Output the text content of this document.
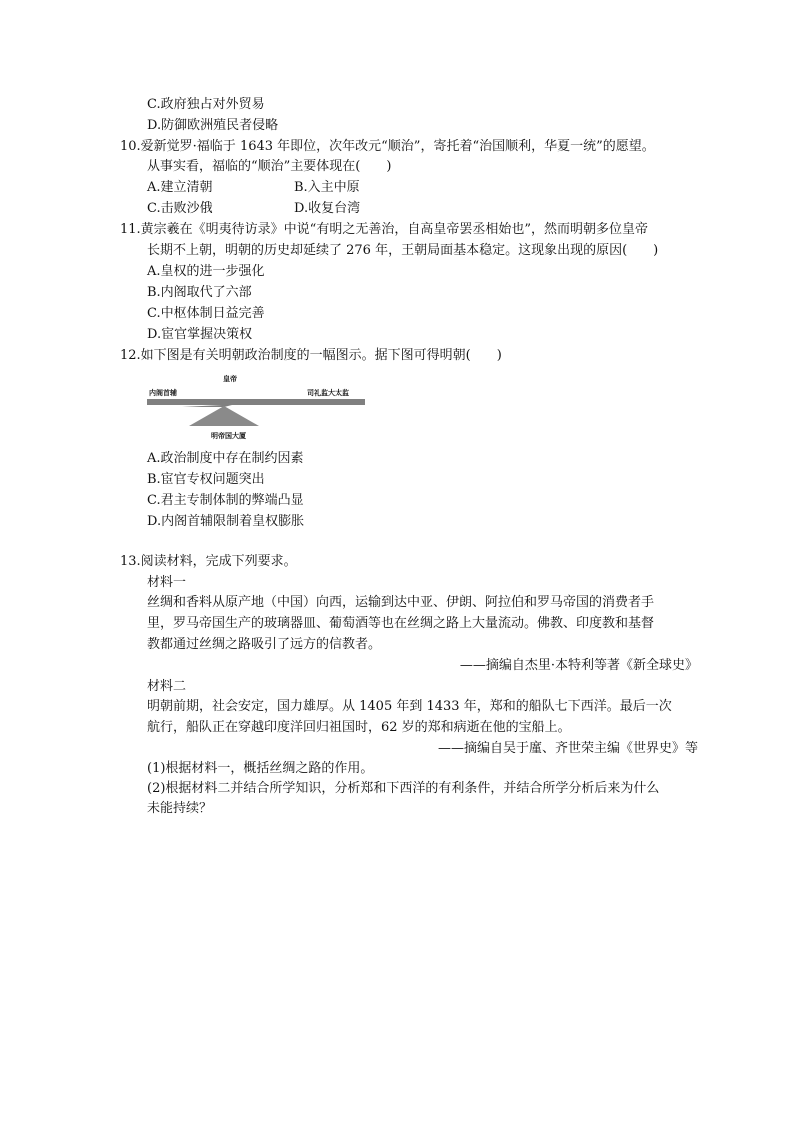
C.政府独占对外贸易
D.防御欧洲殖民者侵略
10.爱新觉罗·福临于 1643 年即位，次年改元“顺治”，寄托着“治国顺利，华夏一统”的愿望。
从事实看，福临的“顺治”主要体现在(　　)
A.建立清朝	B.入主中原
C.击败沙俄	D.收复台湾
11.黄宗羲在《明夷待访录》中说“有明之无善治，自高皇帝罢丞相始也”，然而明朝多位皇帝
长期不上朝，明朝的历史却延续了 276 年，王朝局面基本稳定。这现象出现的原因(　　)
A.皇权的进一步强化
B.内阁取代了六部
C.中枢体制日益完善
D.宦官掌握决策权
12.如下图是有关明朝政治制度的一幅图示。据下图可得明朝(　　)
皇帝
内阁首辅	司礼监大太监
明帝国大厦
A.政治制度中存在制约因素
B.宦官专权问题突出
C.君主专制体制的弊端凸显
D.内阁首辅限制着皇权膨胀
13.阅读材料，完成下列要求。
材料一
丝绸和香料从原产地（中国）向西，运输到达中亚、伊朗、阿拉伯和罗马帝国的消费者手
里，罗马帝国生产的玻璃器皿、葡萄酒等也在丝绸之路上大量流动。佛教、印度教和基督
教都通过丝绸之路吸引了远方的信教者。
——摘编自杰里·本特利等著《新全球史》
材料二
明朝前期，社会安定，国力雄厚。从 1405 年到 1433 年，郑和的船队七下西洋。最后一次
航行，船队正在穿越印度洋回归祖国时，62 岁的郑和病逝在他的宝船上。
——摘编自吴于廑、齐世荣主编《世界史》等
(1)根据材料一，概括丝绸之路的作用。
(2)根据材料二并结合所学知识，分析郑和下西洋的有利条件，并结合所学分析后来为什么
未能持续？
